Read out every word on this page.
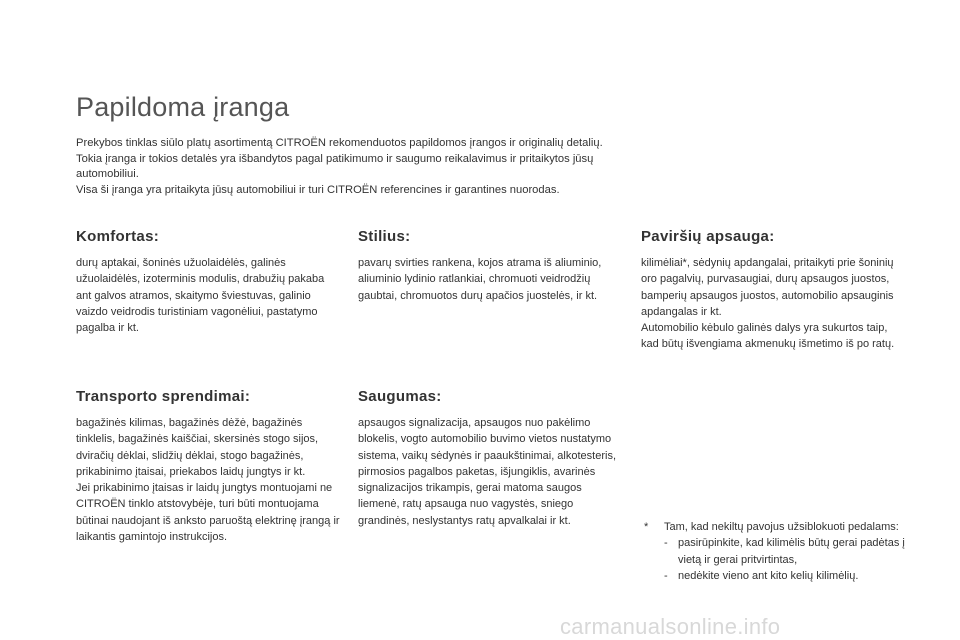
Papildoma įranga

Prekybos tinklas siūlo platų asortimentą CITROËN rekomenduotos papildomos įrangos ir originalių detalių.

Tokia įranga ir tokios detalės yra išbandytos pagal patikimumo ir saugumo reikalavimus ir pritaikytos jūsų automobiliui.

Visa ši įranga yra pritaikyta jūsų automobiliui ir turi CITROËN referencines ir garantines nuorodas.

Komfortas:
durų aptakai, šoninės užuolaidėlės, galinės užuolaidėlės, izoterminis modulis, drabužių pakaba ant galvos atramos, skaitymo šviestuvas, galinio vaizdo veidrodis turistiniam vagonėliui, pastatymo pagalba ir kt.
Stilius:
pavarų svirties rankena, kojos atrama iš aliuminio, aliuminio lydinio ratlankiai, chromuoti veidrodžių gaubtai, chromuotos durų apačios juostelės, ir kt.
Paviršių apsauga:

kilimėliai*, sėdynių apdangalai, pritaikyti prie šoninių oro pagalvių, purvasaugiai, durų apsaugos juostos, bamperių apsaugos juostos, automobilio apsauginis apdangalas ir kt.

Automobilio kėbulo galinės dalys yra sukurtos taip, kad būtų išvengiama akmenukų išmetimo iš po ratų.

Transporto sprendimai:

bagažinės kilimas, bagažinės dėžė, bagažinės tinklelis, bagažinės kaiščiai, skersinės stogo sijos, dviračių dėklai, slidžių dėklai, stogo bagažinės, prikabinimo įtaisai, priekabos laidų jungtys ir kt.

Jei prikabinimo įtaisas ir laidų jungtys montuojami ne CITROËN tinklo atstovybėje, turi būti montuojama būtinai naudojant iš anksto paruoštą elektrinę įrangą ir laikantis gamintojo instrukcijos.

Saugumas:
apsaugos signalizacija, apsaugos nuo pakėlimo blokelis, vogto automobilio buvimo vietos nustatymo sistema, vaikų sėdynės ir paaukštinimai, alkotesteris, pirmosios pagalbos paketas, išjungiklis, avarinės signalizacijos trikampis, gerai matoma saugos liemenė, ratų apsauga nuo vagystės, sniego grandinės, neslystantys ratų apvalkalai ir kt.
* Tam, kad nekiltų pavojus užsiblokuoti pedalams:

- pasirūpinkite, kad kilimėlis būtų gerai padėtas į vietą ir gerai pritvirtintas,
- nedėkite vieno ant kito kelių kilimėlių.
carmanualsonline.info
